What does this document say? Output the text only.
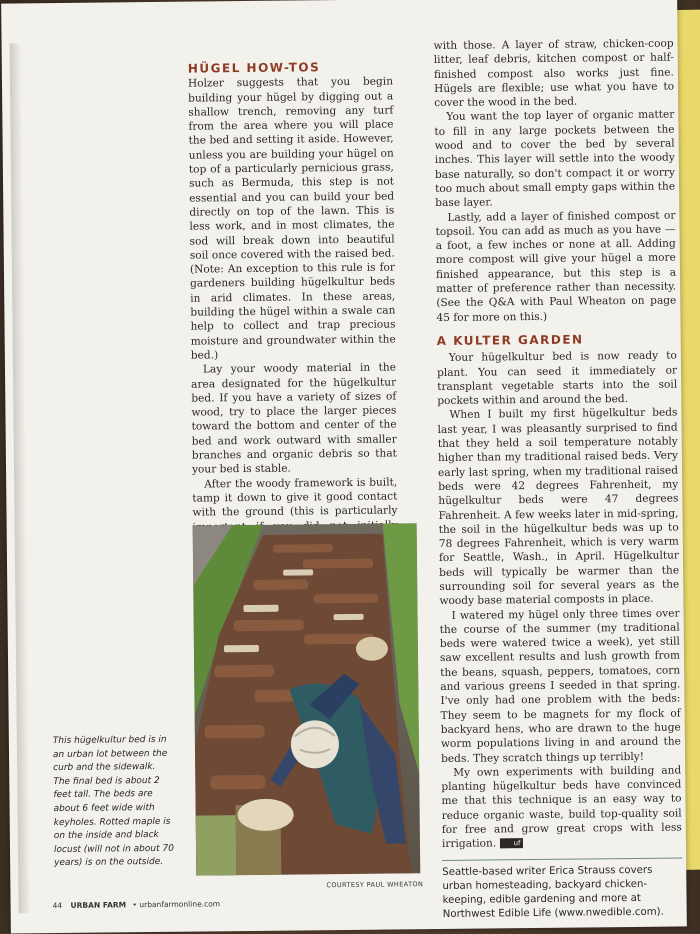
HÜGEL HOW-TOS

Holzer suggests that you begin building your hügel by digging out a shallow trench, removing any turf from the area where you will place the bed and setting it aside. However, unless you are building your hügel on top of a particularly pernicious grass, such as Bermuda, this step is not essential and you can build your bed directly on top of the lawn. This is less work, and in most climates, the sod will break down into beautiful soil once covered with the raised bed. (Note: An exception to this rule is for gardeners building hügelkultur beds in arid climates. In these areas, building the hügel within a swale can help to collect and trap precious moisture and groundwater within the bed.)

Lay your woody material in the area designated for the hügelkultur bed. If you have a variety of sizes of wood, try to place the larger pieces toward the bottom and center of the bed and work outward with smaller branches and organic debris so that your bed is stable.

After the woody framework is built, tamp it down to give it good contact with the ground (this is particularly

COURTESY PAUL WHEATON
This hügelkultur bed is in an urban lot between the curb and the sidewalk. The final bed is about 2 feet tall. The beds are about 6 feet wide with keyholes. Rotted maple is on the inside and black locust (will not in about 70 years) is on the outside.

with those. A layer of straw, chicken-coop litter, leaf debris, kitchen compost or half-finished compost also works just fine. Hügels are flexible; use what you have to cover the wood in the bed.

You want the top layer of organic matter to fill in any large pockets between the wood and to cover the bed by several inches. This layer will settle into the woody base naturally, so don't compact it or worry too much about small empty gaps within the base layer.

Lastly, add a layer of finished compost or topsoil. You can add as much as you have — a foot, a few inches or none at all. Adding more compost will give your hügel a more finished appearance, but this step is a matter of preference rather than necessity. (See the Q&A with Paul Wheaton on page 45 for more on this.)

A KULTER GARDEN

Your hügelkultur bed is now ready to plant. You can seed it immediately or transplant vegetable starts into the soil pockets within and around the bed.

When I built my first hügelkultur beds last year, I was pleasantly surprised to find that they held a soil temperature notably higher than my traditional raised beds. Very early last spring, when my traditional raised beds were 42 degrees Fahrenheit, my hügelkultur beds were 47 degrees Fahrenheit. A few weeks later in mid-spring, the soil in the hügelkultur beds was up to 78 degrees Fahrenheit, which is very warm for Seattle, Wash., in April. Hügelkultur beds will typically be warmer than the surrounding soil for several years as the woody base material composts in place.

I watered my hügel only three times over the course of the summer (my traditional beds were watered twice a week), yet still saw excellent results and lush growth from the beans, squash, peppers, tomatoes, corn and various greens I seeded in that spring. I've only had one problem with the beds: They seem to be magnets for my flock of backyard hens, who are drawn to the huge worm populations living in and around the beds. They scratch things up terribly!

My own experiments with building and planting hügelkultur beds have convinced me that this technique is an easy way to reduce organic waste, build top-quality soil for free and grow great crops with less irrigation. uf

Seattle-based writer Erica Strauss covers urban homesteading, backyard chicken-keeping, edible gardening and more at Northwest Edible Life (www.nwedible.com).
44 URBAN FARM • urbanfarmonline.com
